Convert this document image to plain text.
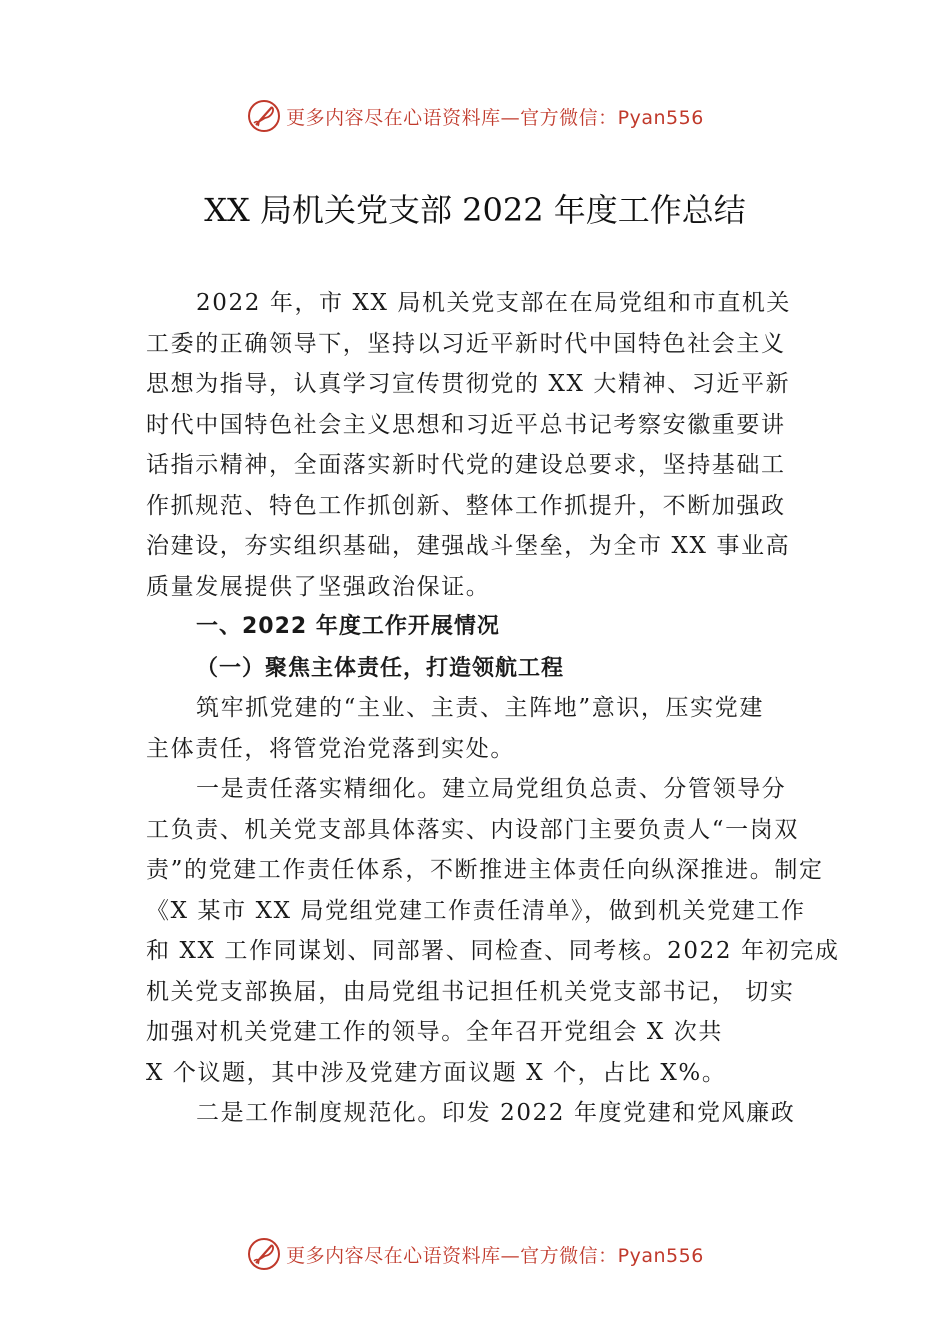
更多内容尽在心语资料库—官方微信：Pyan556
XX 局机关党支部 2022 年度工作总结
2022 年，市 XX 局机关党支部在在局党组和市直机关
工委的正确领导下，坚持以习近平新时代中国特色社会主义
思想为指导，认真学习宣传贯彻党的 XX 大精神、习近平新
时代中国特色社会主义思想和习近平总书记考察安徽重要讲
话指示精神，全面落实新时代党的建设总要求，坚持基础工
作抓规范、特色工作抓创新、整体工作抓提升，不断加强政
治建设，夯实组织基础，建强战斗堡垒，为全市 XX 事业高
质量发展提供了坚强政治保证。
一、2022 年度工作开展情况
（一）聚焦主体责任，打造领航工程
筑牢抓党建的“主业、主责、主阵地”意识，压实党建
主体责任，将管党治党落到实处。
一是责任落实精细化。建立局党组负总责、分管领导分
工负责、机关党支部具体落实、内设部门主要负责人“一岗双
责”的党建工作责任体系，不断推进主体责任向纵深推进。制定
《X 某市 XX 局党组党建工作责任清单》，做到机关党建工作
和 XX 工作同谋划、同部署、同检查、同考核。2022 年初完成
机关党支部换届，由局党组书记担任机关党支部书记， 切实
加强对机关党建工作的领导。全年召开党组会 X 次共
X 个议题，其中涉及党建方面议题 X 个，占比 X%。
二是工作制度规范化。印发 2022 年度党建和党风廉政
更多内容尽在心语资料库—官方微信：Pyan556
